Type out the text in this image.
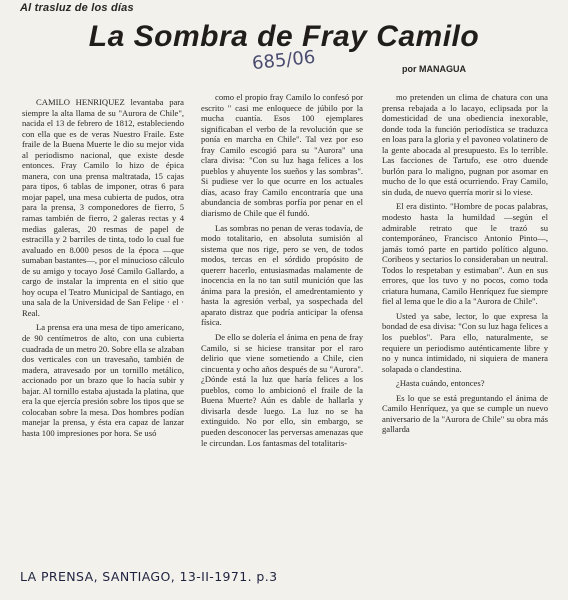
Al trasluz de los días
La Sombra de Fray Camilo
685/06	por MANAGUA

CAMILO HENRIQUEZ levantaba para siempre la alta llama de su "Aurora de Chile", nacida el 13 de febrero de 1812, estableciendo con ella que es de veras Nuestro Fraile. Este fraile de la Buena Muerte le dio su mejor vida al periodismo nacional, que existe desde entonces. Fray Camilo lo hizo de épica manera, con una prensa maltratada, 15 cajas para tipos, 6 tablas de imponer, otras 6 para mojar papel, una mesa cubierta de pudos, otra para la prensa, 3 componedores de fierro, 5 ramas también de fierro, 2 galeras rectas y 4 medias galeras, 20 resmas de papel de estracilla y 2 barriles de tinta, todo lo cual fue avaluado en 8.000 pesos de la época —que sumaban bastantes—, por el minucioso cálculo de su amigo y tocayo José Camilo Gallardo, a cargo de instalar la imprenta en el sitio que hoy ocupa el Teatro Municipal de Santiago, en una sala de la Universidad de San Felipe · el · Real.

La prensa era una mesa de tipo americano, de 90 centímetros de alto, con una cubierta cuadrada de un metro 20. Sobre ella se alzaban dos verticales con un travesaño, también de madera, atravesado por un tornillo metálico, accionado por un brazo que lo hacía subir y bajar. Al tornillo estaba ajustada la platina, que era la que ejercía presión sobre los tipos que se colocaban sobre la mesa. Dos hombres podían manejar la prensa, y ésta era capaz de lanzar hasta 100 impresiones por hora. Se usó

como el propio fray Camilo lo confesó por escrito " casi me enloquece de júbilo por la mucha cuantía. Esos 100 ejemplares significaban el verbo de la revolución que se ponía en marcha en Chile". Tal vez por eso fray Camilo escogió para su "Aurora" una clara divisa: "Con su luz haga felices a los pueblos y ahuyente los sueños y las sombras". Si pudiese ver lo que ocurre en los actuales días, acaso fray Camilo encontraría que una abundancia de sombras porfía por penar en el diarismo de Chile que él fundó.

Las sombras no penan de veras todavía, de modo totalitario, en absoluta sumisión al sistema que nos rige, pero se ven, de todos modos, tercas en el sórdido propósito de quererr hacerlo, entusiasmadas malamente de inocencia en la no tan sutil munición que las ánima para la presión, el amedrentamiento y hasta la agresión verbal, ya sospechada del aparato distraz que podría anticipar la ofensa física.

De ello se dolería el ánima en pena de fray Camilo, si se hiciese transitar por el raro delirio que viene sometiendo a Chile, cien cincuenta y ocho años después de su "Aurora". ¿Dónde está la luz que haría felices a los pueblos, como lo ambicionó el fraile de la Buena Muerte? Aún es dable de hallarla y divisarla desde luego. La luz no se ha extinguido. No por ello, sin embargo, se pueden desconocer las perversas amenazas que le circundan. Los fantasmas del totalitaris-

mo pretenden un clima de chatura con una prensa rebajada a lo lacayo, eclipsada por la domesticidad de una obediencia inexorable, donde toda la función periodística se traduzca en loas para la gloria y el pavoneo volatinero de la gente abocada al presupuesto. Es lo terrible. Las facciones de Tartufo, ese otro duende burlón para lo maligno, pugnan por asomar en mucho de lo que está ocurriendo. Fray Camilo, sin duda, de nuevo querría morir si lo viese.

El era distinto. "Hombre de pocas palabras, modesto hasta la humildad —según el admirable retrato que le trazó su contemporáneo, Francisco Antonio Pinto—, jamás tomó parte en partido político alguno. Coribeos y sectarios lo consideraban un neutral. Todos lo respetaban y estimaban". Aun en sus errores, que los tuvo y no pocos, como toda criatura humana, Camilo Henríquez fue siempre fiel al lema que le dio a la "Aurora de Chile".

Usted ya sabe, lector, lo que expresa la bondad de esa divisa: "Con su luz haga felices a los pueblos". Para ello, naturalmente, se requiere un periodismo auténticamente libre y no y nunca intimidado, ni siquiera de manera solapada o clandestina.

¿Hasta cuándo, entonces?

Es lo que se está preguntando el ánima de Camilo Henríquez, ya que se cumple un nuevo aniversario de la "Aurora de Chile" su obra más gallarda

LA PRENSA, SANTIAGO, 13-II-1971. p.3
